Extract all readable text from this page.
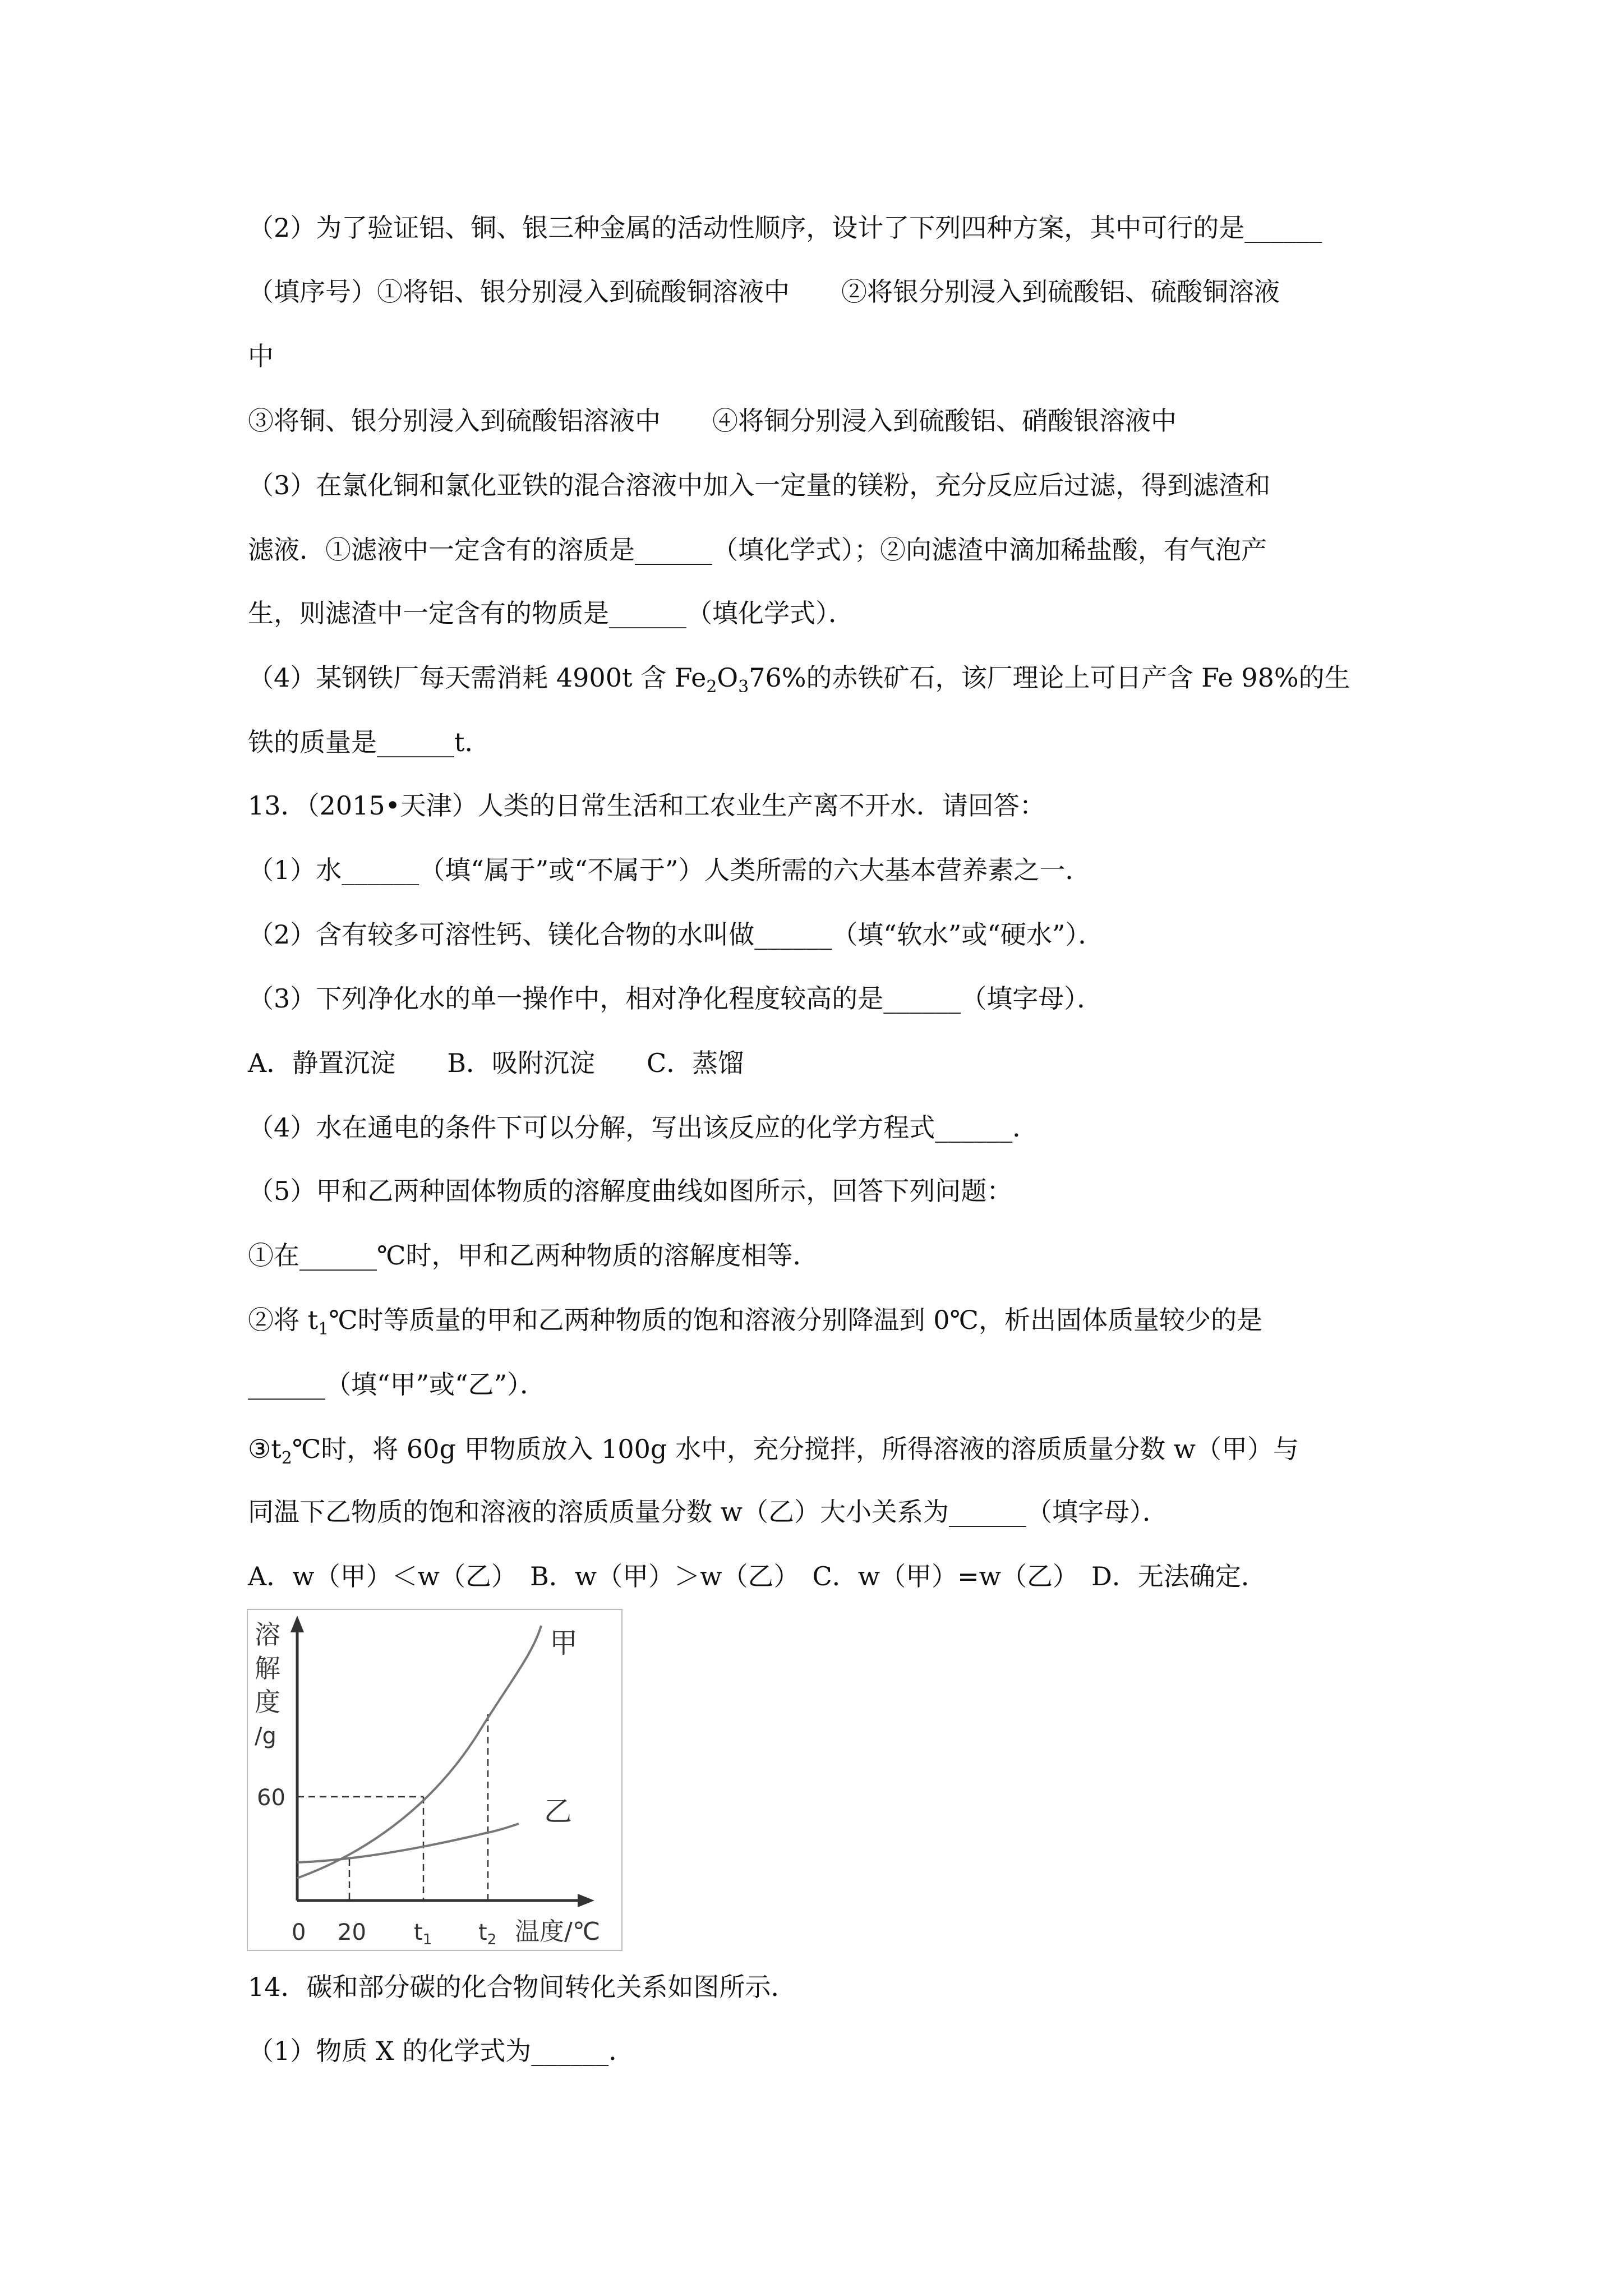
（2）为了验证铝、铜、银三种金属的活动性顺序，设计了下列四种方案，其中可行的是______
（填序号）①将铝、银分别浸入到硫酸铜溶液中　　②将银分别浸入到硫酸铝、硫酸铜溶液
中
③将铜、银分别浸入到硫酸铝溶液中　　④将铜分别浸入到硫酸铝、硝酸银溶液中
（3）在氯化铜和氯化亚铁的混合溶液中加入一定量的镁粉，充分反应后过滤，得到滤渣和
滤液．①滤液中一定含有的溶质是______（填化学式）；②向滤渣中滴加稀盐酸，有气泡产
生，则滤渣中一定含有的物质是______（填化学式）．
（4）某钢铁厂每天需消耗 4900t 含 $Fe_2O_376\%$的赤铁矿石，该厂理论上可日产含 Fe 98%的生
铁的质量是______t．
13．（2015•天津）人类的日常生活和工农业生产离不开水．请回答：
（1）水______（填“属于”或“不属于”）人类所需的六大基本营养素之一．
（2）含有较多可溶性钙、镁化合物的水叫做______（填“软水”或“硬水”）．
（3）下列净化水的单一操作中，相对净化程度较高的是______（填字母）．
A．静置沉淀　　B．吸附沉淀　　C．蒸馏
（4）水在通电的条件下可以分解，写出该反应的化学方程式______．
（5）甲和乙两种固体物质的溶解度曲线如图所示，回答下列问题：
①在______℃时，甲和乙两种物质的溶解度相等．
②将 $t_1℃$时等质量的甲和乙两种物质的饱和溶液分别降温到 0℃，析出固体质量较少的是
______（填“甲”或“乙”）．
$③t_2℃$时，将 60g 甲物质放入 100g 水中，充分搅拌，所得溶液的溶质质量分数 w（甲）与
同温下乙物质的饱和溶液的溶质质量分数 w（乙）大小关系为______（填字母）．
A．w（甲）＜w（乙）　B．w（甲）＞w（乙）　C．w（甲）=w（乙）　D．无法确定．
溶
解
度
/g
60
甲
乙
0 20 $t_1$ $t_2$ 温度/℃
14．碳和部分碳的化合物间转化关系如图所示．
（1）物质 X 的化学式为______．
